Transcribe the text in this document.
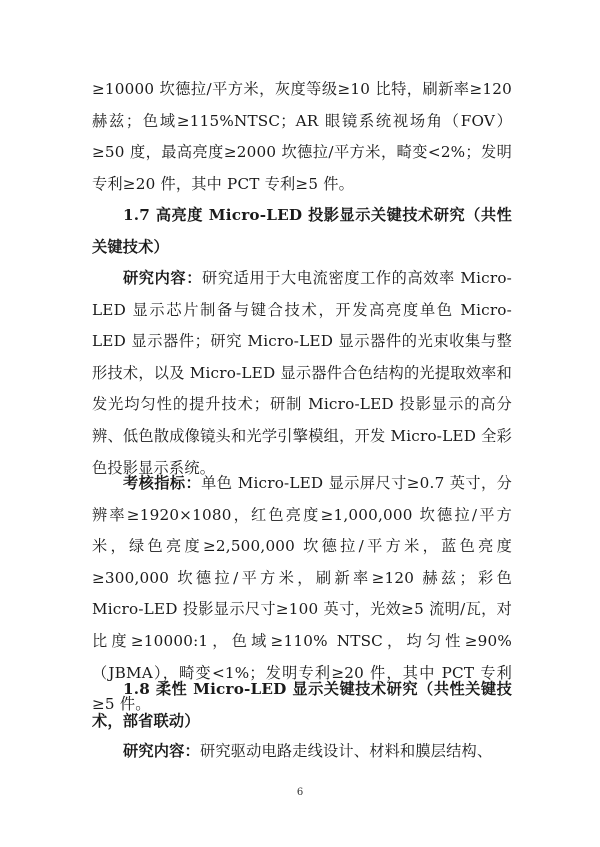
≥10000 坎德拉/平方米，灰度等级≥10 比特，刷新率≥120 赫兹；色域≥115%NTSC；AR 眼镜系统视场角（FOV）≥50 度，最高亮度≥2000 坎德拉/平方米，畸变<2%；发明专利≥20 件，其中 PCT 专利≥5 件。

1.7 高亮度 Micro-LED 投影显示关键技术研究（共性关键技术）

研究内容：研究适用于大电流密度工作的高效率 Micro-LED 显示芯片制备与键合技术，开发高亮度单色 Micro-LED 显示器件；研究 Micro-LED 显示器件的光束收集与整形技术，以及 Micro-LED 显示器件合色结构的光提取效率和发光均匀性的提升技术；研制 Micro-LED 投影显示的高分辨、低色散成像镜头和光学引擎模组，开发 Micro-LED 全彩色投影显示系统。

考核指标：单色 Micro-LED 显示屏尺寸≥0.7 英寸，分辨率≥1920×1080，红色亮度≥1,000,000 坎德拉/平方米，绿色亮度≥2,500,000 坎德拉/平方米，蓝色亮度≥300,000 坎德拉/平方米，刷新率≥120 赫兹；彩色 Micro-LED 投影显示尺寸≥100 英寸，光效≥5 流明/瓦，对比度≥10000:1，色域≥110% NTSC，均匀性≥90%（JBMA），畸变<1%；发明专利≥20 件，其中 PCT 专利≥5 件。

1.8 柔性 Micro-LED 显示关键技术研究（共性关键技术，部省联动）

研究内容：研究驱动电路走线设计、材料和膜层结构、

6
